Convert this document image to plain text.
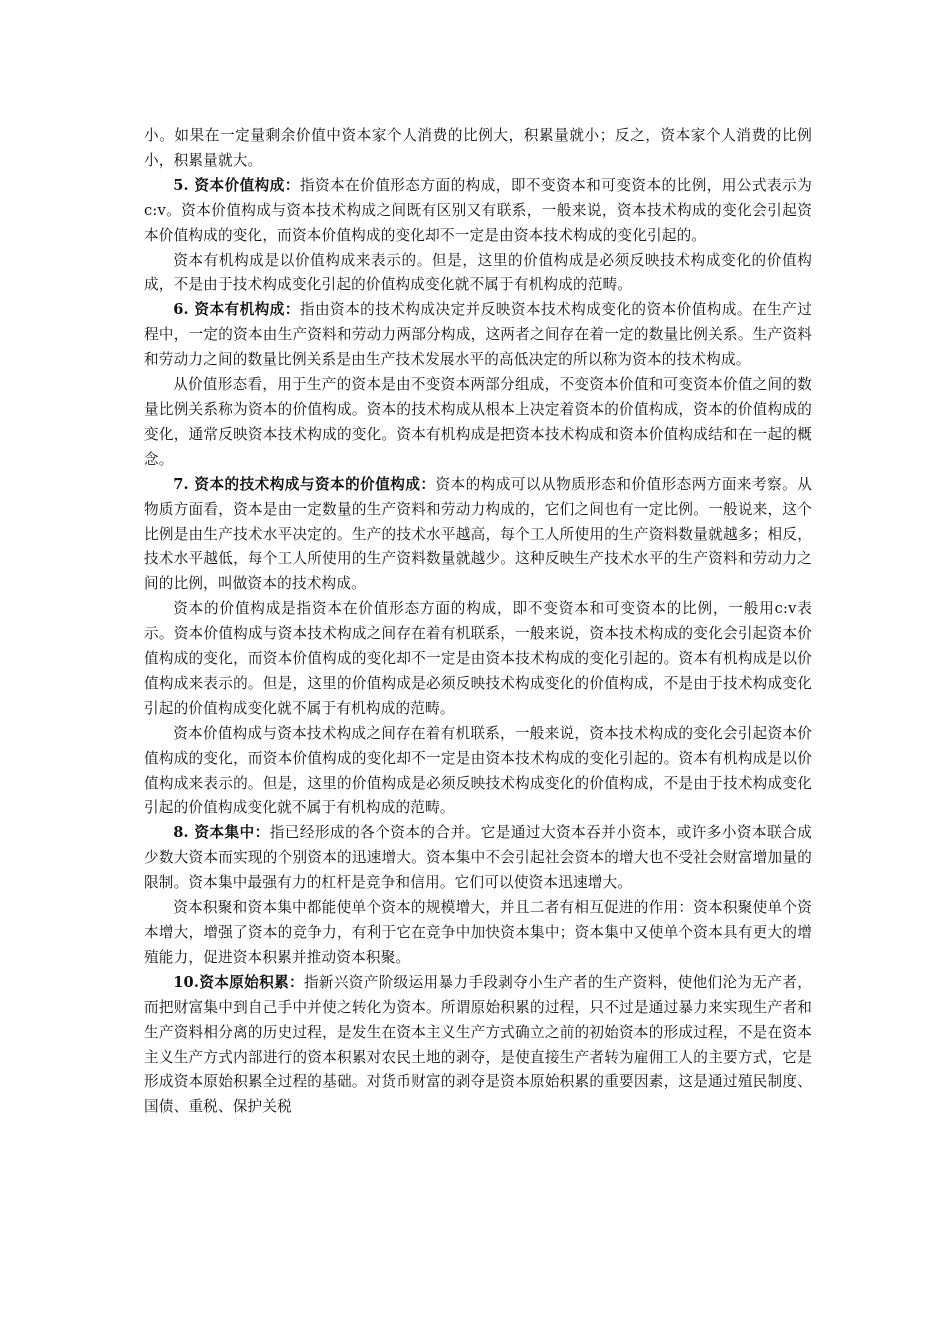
小。如果在一定量剩余价值中资本家个人消费的比例大，积累量就小；反之，资本家个人消费的比例小，积累量就大。

5. 资本价值构成：指资本在价值形态方面的构成，即不变资本和可变资本的比例，用公式表示为c:v。资本价值构成与资本技术构成之间既有区别又有联系，一般来说，资本技术构成的变化会引起资本价值构成的变化，而资本价值构成的变化却不一定是由资本技术构成的变化引起的。

资本有机构成是以价值构成来表示的。但是，这里的价值构成是必须反映技术构成变化的价值构成，不是由于技术构成变化引起的价值构成变化就不属于有机构成的范畴。

6. 资本有机构成：指由资本的技术构成决定并反映资本技术构成变化的资本价值构成。在生产过程中，一定的资本由生产资料和劳动力两部分构成，这两者之间存在着一定的数量比例关系。生产资料和劳动力之间的数量比例关系是由生产技术发展水平的高低决定的所以称为资本的技术构成。

从价值形态看，用于生产的资本是由不变资本两部分组成，不变资本价值和可变资本价值之间的数量比例关系称为资本的价值构成。资本的技术构成从根本上决定着资本的价值构成，资本的价值构成的变化，通常反映资本技术构成的变化。资本有机构成是把资本技术构成和资本价值构成结和在一起的概念。

7. 资本的技术构成与资本的价值构成：资本的构成可以从物质形态和价值形态两方面来考察。从物质方面看，资本是由一定数量的生产资料和劳动力构成的，它们之间也有一定比例。一般说来，这个比例是由生产技术水平决定的。生产的技术水平越高，每个工人所使用的生产资料数量就越多；相反，技术水平越低，每个工人所使用的生产资料数量就越少。这种反映生产技术水平的生产资料和劳动力之间的比例，叫做资本的技术构成。

资本的价值构成是指资本在价值形态方面的构成，即不变资本和可变资本的比例，一般用c:v表示。资本价值构成与资本技术构成之间存在着有机联系，一般来说，资本技术构成的变化会引起资本价值构成的变化，而资本价值构成的变化却不一定是由资本技术构成的变化引起的。资本有机构成是以价值构成来表示的。但是，这里的价值构成是必须反映技术构成变化的价值构成，不是由于技术构成变化引起的价值构成变化就不属于有机构成的范畴。

资本价值构成与资本技术构成之间存在着有机联系，一般来说，资本技术构成的变化会引起资本价值构成的变化，而资本价值构成的变化却不一定是由资本技术构成的变化引起的。资本有机构成是以价值构成来表示的。但是，这里的价值构成是必须反映技术构成变化的价值构成，不是由于技术构成变化引起的价值构成变化就不属于有机构成的范畴。

8. 资本集中：指已经形成的各个资本的合并。它是通过大资本吞并小资本，或许多小资本联合成少数大资本而实现的个别资本的迅速增大。资本集中不会引起社会资本的增大也不受社会财富增加量的限制。资本集中最强有力的杠杆是竞争和信用。它们可以使资本迅速增大。

资本积聚和资本集中都能使单个资本的规模增大，并且二者有相互促进的作用：资本积聚使单个资本增大，增强了资本的竞争力，有利于它在竞争中加快资本集中；资本集中又使单个资本具有更大的增殖能力，促进资本积累并推动资本积聚。

10.资本原始积累：指新兴资产阶级运用暴力手段剥夺小生产者的生产资料，使他们沦为无产者，而把财富集中到自己手中并使之转化为资本。所谓原始积累的过程，只不过是通过暴力来实现生产者和生产资料相分离的历史过程，是发生在资本主义生产方式确立之前的初始资本的形成过程，不是在资本主义生产方式内部进行的资本积累对农民土地的剥夺，是使直接生产者转为雇佣工人的主要方式，它是形成资本原始积累全过程的基础。对货币财富的剥夺是资本原始积累的重要因素，这是通过殖民制度、国债、重税、保护关税
